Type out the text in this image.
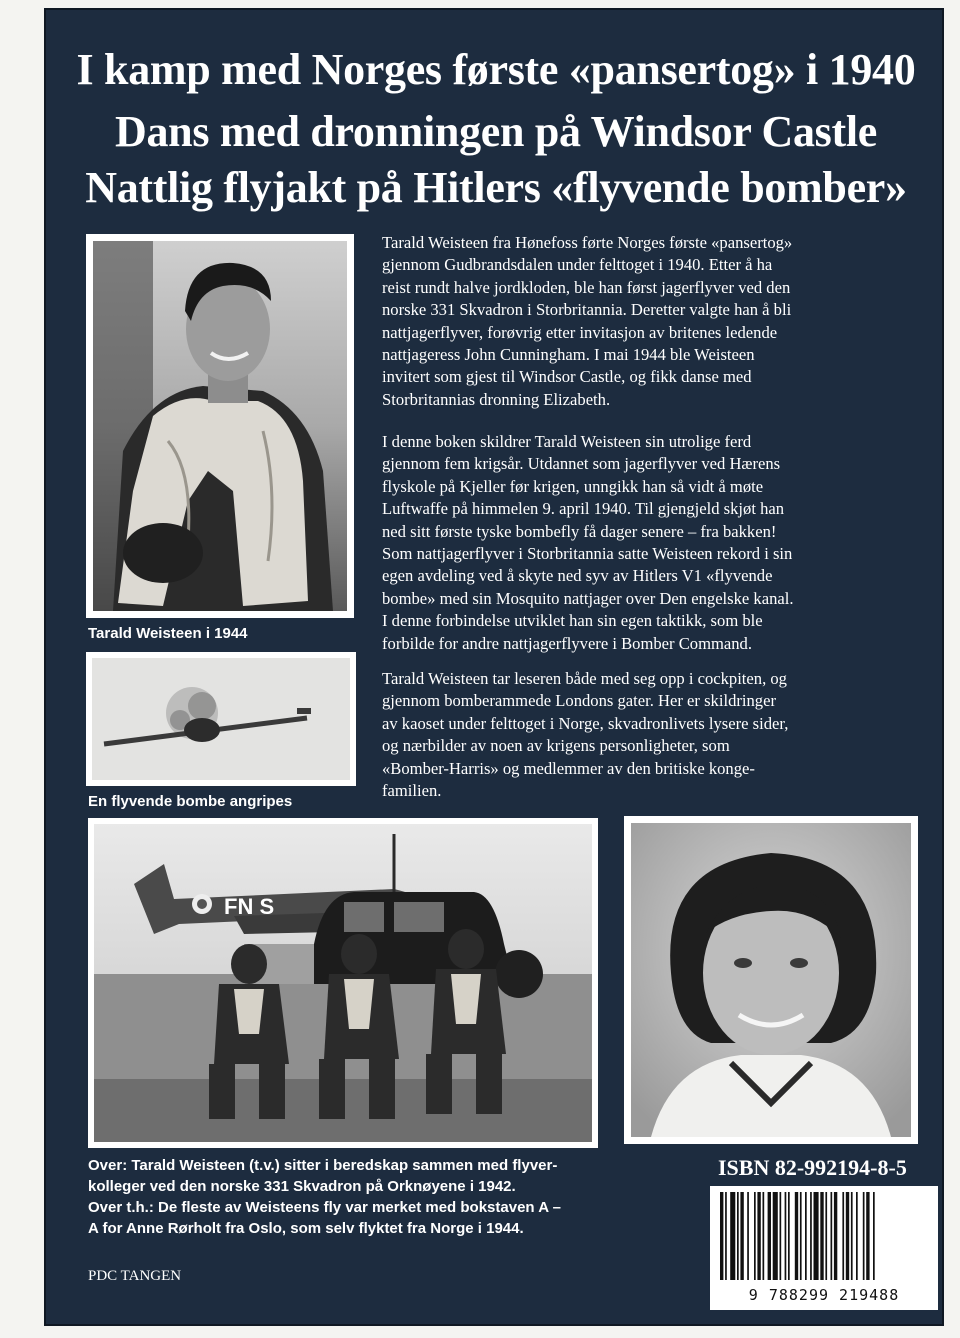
I kamp med Norges første «pansertog» i 1940
Dans med dronningen på Windsor Castle
Nattlig flyjakt på Hitlers «flyvende bomber»
Tarald Weisteen i 1944
En flyvende bombe angripes

Tarald Weisteen fra Hønefoss førte Norges første «pansertog»

gjennom Gudbrandsdalen under felttoget i 1940. Etter å ha

reist rundt halve jordkloden, ble han først jagerflyver ved den

norske 331 Skvadron i Storbritannia. Deretter valgte han å bli

nattjagerflyver, forøvrig etter invitasjon av britenes ledende

nattjageress John Cunningham. I mai 1944 ble Weisteen

invitert som gjest til Windsor Castle, og fikk danse med

Storbritannias dronning Elizabeth.

I denne boken skildrer Tarald Weisteen sin utrolige ferd

gjennom fem krigsår. Utdannet som jagerflyver ved Hærens

flyskole på Kjeller før krigen, unngikk han så vidt å møte

Luftwaffe på himmelen 9. april 1940. Til gjengjeld skjøt han

ned sitt første tyske bombefly få dager senere – fra bakken!

Som nattjagerflyver i Storbritannia satte Weisteen rekord i sin

egen avdeling ved å skyte ned syv av Hitlers V1 «flyvende

bombe» med sin Mosquito nattjager over Den engelske kanal.

I denne forbindelse utviklet han sin egen taktikk, som ble

forbilde for andre nattjagerflyvere i Bomber Command.

Tarald Weisteen tar leseren både med seg opp i cockpiten, og

gjennom bomberammede Londons gater. Her er skildringer

av kaoset under felttoget i Norge, skvadronlivets lysere sider,

og nærbilder av noen av krigens personligheter, som

«Bomber-Harris» og medlemmer av den britiske konge-

familien.

FN S
Over: Tarald Weisteen (t.v.) sitter i beredskap sammen med flyver-
kolleger ved den norske 331 Skvadron på Orknøyene i 1942.
Over t.h.: De fleste av Weisteens fly var merket med bokstaven A –
A for Anne Rørholt fra Oslo, som selv flyktet fra Norge i 1944.
ISBN 82-992194-8-5
9 788299 219488
PDC TANGEN
